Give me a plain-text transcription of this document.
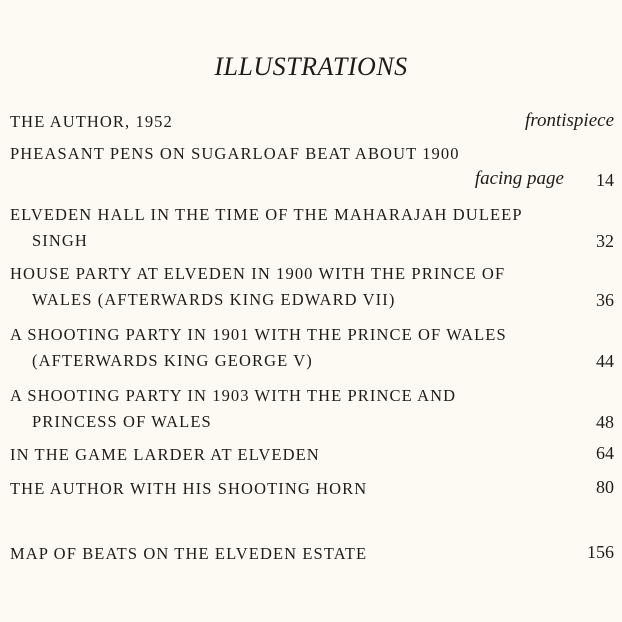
ILLUSTRATIONS
THE AUTHOR, 1952	frontispiece
PHEASANT PENS ON SUGARLOAF BEAT ABOUT 1900
facing page 14
ELVEDEN HALL IN THE TIME OF THE MAHARAJAH DULEEP
SINGH	32
HOUSE PARTY AT ELVEDEN IN 1900 WITH THE PRINCE OF
WALES (AFTERWARDS KING EDWARD VII)	36
A SHOOTING PARTY IN 1901 WITH THE PRINCE OF WALES
(AFTERWARDS KING GEORGE V)	44
A SHOOTING PARTY IN 1903 WITH THE PRINCE AND
PRINCESS OF WALES	48
IN THE GAME LARDER AT ELVEDEN	64
THE AUTHOR WITH HIS SHOOTING HORN	80
MAP OF BEATS ON THE ELVEDEN ESTATE	156
